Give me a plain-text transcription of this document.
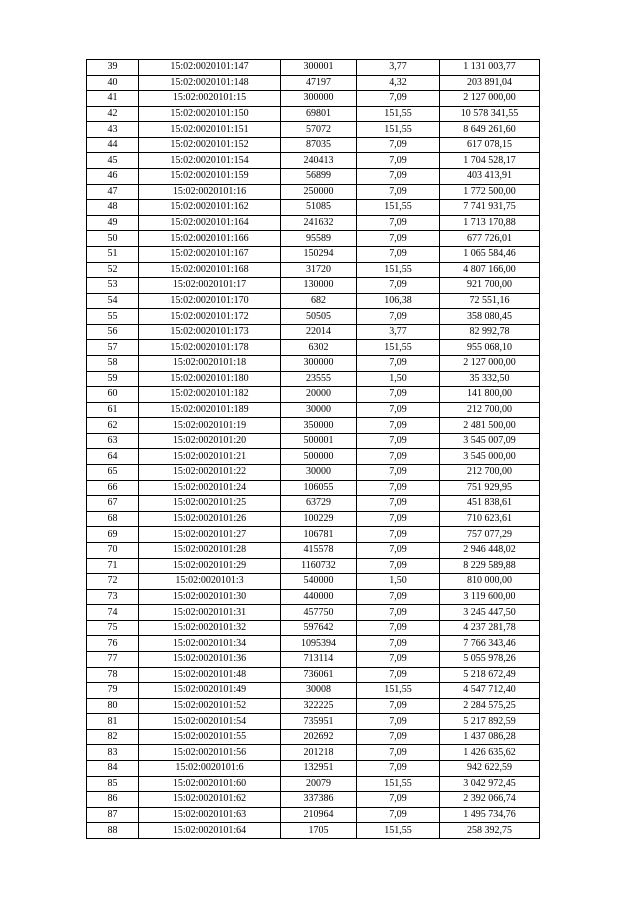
39	15:02:0020101:147	300001	3,77	1 131 003,77
40	15:02:0020101:148	47197	4,32	203 891,04
41	15:02:0020101:15	300000	7,09	2 127 000,00
42	15:02:0020101:150	69801	151,55	10 578 341,55
43	15:02:0020101:151	57072	151,55	8 649 261,60
44	15:02:0020101:152	87035	7,09	617 078,15
45	15:02:0020101:154	240413	7,09	1 704 528,17
46	15:02:0020101:159	56899	7,09	403 413,91
47	15:02:0020101:16	250000	7,09	1 772 500,00
48	15:02:0020101:162	51085	151,55	7 741 931,75
49	15:02:0020101:164	241632	7,09	1 713 170,88
50	15:02:0020101:166	95589	7,09	677 726,01
51	15:02:0020101:167	150294	7,09	1 065 584,46
52	15:02:0020101:168	31720	151,55	4 807 166,00
53	15:02:0020101:17	130000	7,09	921 700,00
54	15:02:0020101:170	682	106,38	72 551,16
55	15:02:0020101:172	50505	7,09	358 080,45
56	15:02:0020101:173	22014	3,77	82 992,78
57	15:02:0020101:178	6302	151,55	955 068,10
58	15:02:0020101:18	300000	7,09	2 127 000,00
59	15:02:0020101:180	23555	1,50	35 332,50
60	15:02:0020101:182	20000	7,09	141 800,00
61	15:02:0020101:189	30000	7,09	212 700,00
62	15:02:0020101:19	350000	7,09	2 481 500,00
63	15:02:0020101:20	500001	7,09	3 545 007,09
64	15:02:0020101:21	500000	7,09	3 545 000,00
65	15:02:0020101:22	30000	7,09	212 700,00
66	15:02:0020101:24	106055	7,09	751 929,95
67	15:02:0020101:25	63729	7,09	451 838,61
68	15:02:0020101:26	100229	7,09	710 623,61
69	15:02:0020101:27	106781	7,09	757 077,29
70	15:02:0020101:28	415578	7,09	2 946 448,02
71	15:02:0020101:29	1160732	7,09	8 229 589,88
72	15:02:0020101:3	540000	1,50	810 000,00
73	15:02:0020101:30	440000	7,09	3 119 600,00
74	15:02:0020101:31	457750	7,09	3 245 447,50
75	15:02:0020101:32	597642	7,09	4 237 281,78
76	15:02:0020101:34	1095394	7,09	7 766 343,46
77	15:02:0020101:36	713114	7,09	5 055 978,26
78	15:02:0020101:48	736061	7,09	5 218 672,49
79	15:02:0020101:49	30008	151,55	4 547 712,40
80	15:02:0020101:52	322225	7,09	2 284 575,25
81	15:02:0020101:54	735951	7,09	5 217 892,59
82	15:02:0020101:55	202692	7,09	1 437 086,28
83	15:02:0020101:56	201218	7,09	1 426 635,62
84	15:02:0020101:6	132951	7,09	942 622,59
85	15:02:0020101:60	20079	151,55	3 042 972,45
86	15:02:0020101:62	337386	7,09	2 392 066,74
87	15:02:0020101:63	210964	7,09	1 495 734,76
88	15:02:0020101:64	1705	151,55	258 392,75
